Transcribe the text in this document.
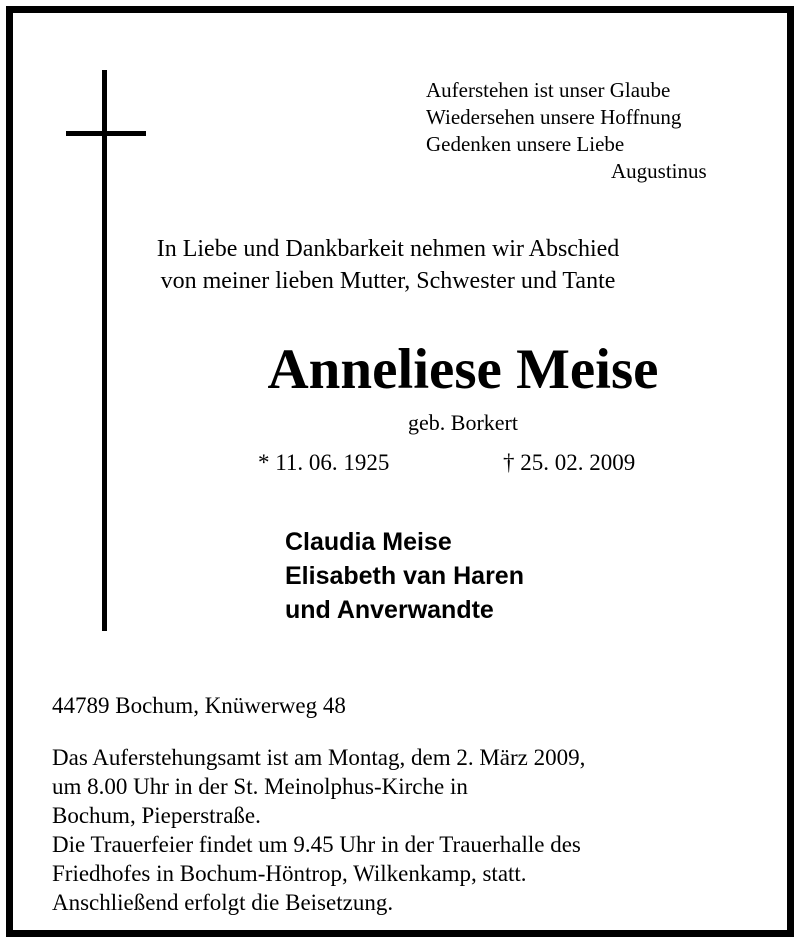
Auferstehen ist unser Glaube
Wiedersehen unsere Hoffnung
Gedenken unsere Liebe
Augustinus
In Liebe und Dankbarkeit nehmen wir Abschied
von meiner lieben Mutter, Schwester und Tante
Anneliese Meise
geb. Borkert
* 11. 06. 1925	† 25. 02. 2009
Claudia Meise
Elisabeth van Haren
und Anverwandte
44789 Bochum, Knüwerweg 48
Das Auferstehungsamt ist am Montag, dem 2. März 2009,
um 8.00 Uhr in der St. Meinolphus-Kirche in
Bochum, Pieperstraße.
Die Trauerfeier findet um 9.45 Uhr in der Trauerhalle des
Friedhofes in Bochum-Höntrop, Wilkenkamp, statt.
Anschließend erfolgt die Beisetzung.
